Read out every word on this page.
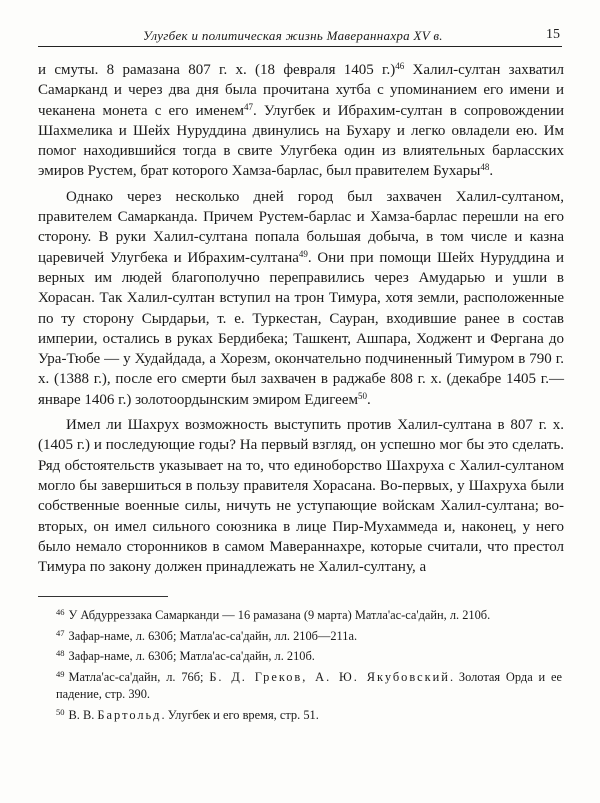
Улугбек и политическая жизнь Мавераннахра XV в.	15

и смуты. 8 рамазана 807 г. х. (18 февраля 1405 г.)$^{46}$ Халил-султан захватил Самарканд и через два дня была прочитана хутба с упоминанием его имени и чеканена монета с его именем$^{47}$. Улугбек и Ибрахим-султан в сопровождении Шахмелика и Шейх Нуруддина двинулись на Бухару и легко овладели ею. Им помог находившийся тогда в свите Улугбека один из влиятельных барласских эмиров Рустем, брат которого Хамза-барлас, был правителем Бухары$^{48}$.

Однако через несколько дней город был захвачен Халил-султаном, правителем Самарканда. Причем Рустем-барлас и Хамза-барлас перешли на его сторону. В руки Халил-султана попала большая добыча, в том числе и казна царевичей Улугбека и Ибрахим-султана$^{49}$. Они при помощи Шейх Нуруддина и верных им людей благополучно переправились через Амударью и ушли в Хорасан. Так Халил-султан вступил на трон Тимура, хотя земли, расположенные по ту сторону Сырдарьи, т. е. Туркестан, Сауран, входившие ранее в состав империи, остались в руках Бердибека; Ташкент, Ашпара, Ходжент и Фергана до Ура-Тюбе — у Худайдада, а Хорезм, окончательно подчиненный Тимуром в 790 г. х. (1388 г.), после его смерти был захвачен в раджабе 808 г. х. (декабре 1405 г.—январе 1406 г.) золотоордынским эмиром Едигеем$^{50}$.

Имел ли Шахрух возможность выступить против Халил-султана в 807 г. х. (1405 г.) и последующие годы? На первый взгляд, он успешно мог бы это сделать. Ряд обстоятельств указывает на то, что единоборство Шахруха с Халил-султаном могло бы завершиться в пользу правителя Хорасана. Во-первых, у Шахруха были собственные военные силы, ничуть не уступающие войскам Халил-султана; во-вторых, он имел сильного союзника в лице Пир-Мухаммеда и, наконец, у него было немало сторонников в самом Мавераннахре, которые считали, что престол Тимура по закону должен принадлежать не Халил-султану, а

$^{46}$ У Абдурреззака Самарканди — 16 рамазана (9 марта) Матла'ас-са'дайн, л. 210б.

$^{47}$ Зафар-наме, л. 630б; Матла'ас-са'дайн, лл. 210б—211а.

$^{48}$ Зафар-наме, л. 630б; Матла'ас-са'дайн, л. 210б.

$^{49}$ Матла'ас-са'дайн, л. 76б; Б. Д. Греков, А. Ю. Якубовский. Золотая Орда и ее падение, стр. 390.

$^{50}$ В. В. Бартольд. Улугбек и его время, стр. 51.
